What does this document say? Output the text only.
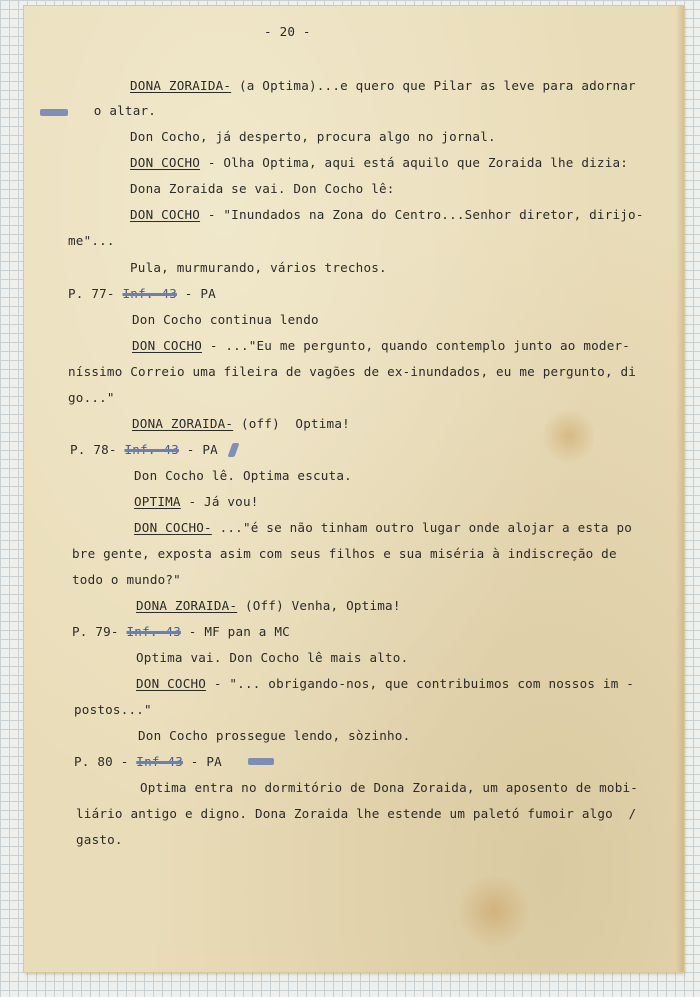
- 20 -
DONA ZORAIDA- (a Optima)...e quero que Pilar as leve para adornar
o altar.
Don Cocho, já desperto, procura algo no jornal.
DON COCHO - Olha Optima, aqui está aquilo que Zoraida lhe dizia:
Dona Zoraida se vai. Don Cocho lê:
DON COCHO - "Inundados na Zona do Centro...Senhor diretor, dirijo-
me"...
Pula, murmurando, vários trechos.
P. 77- Inf. 43 - PA
Don Cocho continua lendo
DON COCHO - ..."Eu me pergunto, quando contemplo junto ao moder-
níssimo Correio uma fileira de vagões de ex-inundados, eu me pergunto, di
go..."
DONA ZORAIDA- (off)  Optima!
P. 78- Inf. 43 - PA
Don Cocho lê. Optima escuta.
OPTIMA - Já vou!
DON COCHO- ..."é se não tinham outro lugar onde alojar a esta po
bre gente, exposta asim com seus filhos e sua miséria à indiscreção de
todo o mundo?"
DONA ZORAIDA- (Off) Venha, Optima!
P. 79- Inf. 43 - MF pan a MC
Optima vai. Don Cocho lê mais alto.
DON COCHO - "... obrigando-nos, que contribuimos com nossos im -
postos..."
Don Cocho prossegue lendo, sòzinho.
P. 80 - Inf 43 - PA
Optima entra no dormitório de Dona Zoraida, um aposento de mobi-
liário antigo e digno. Dona Zoraida lhe estende um paletó fumoir algo  /
gasto.
